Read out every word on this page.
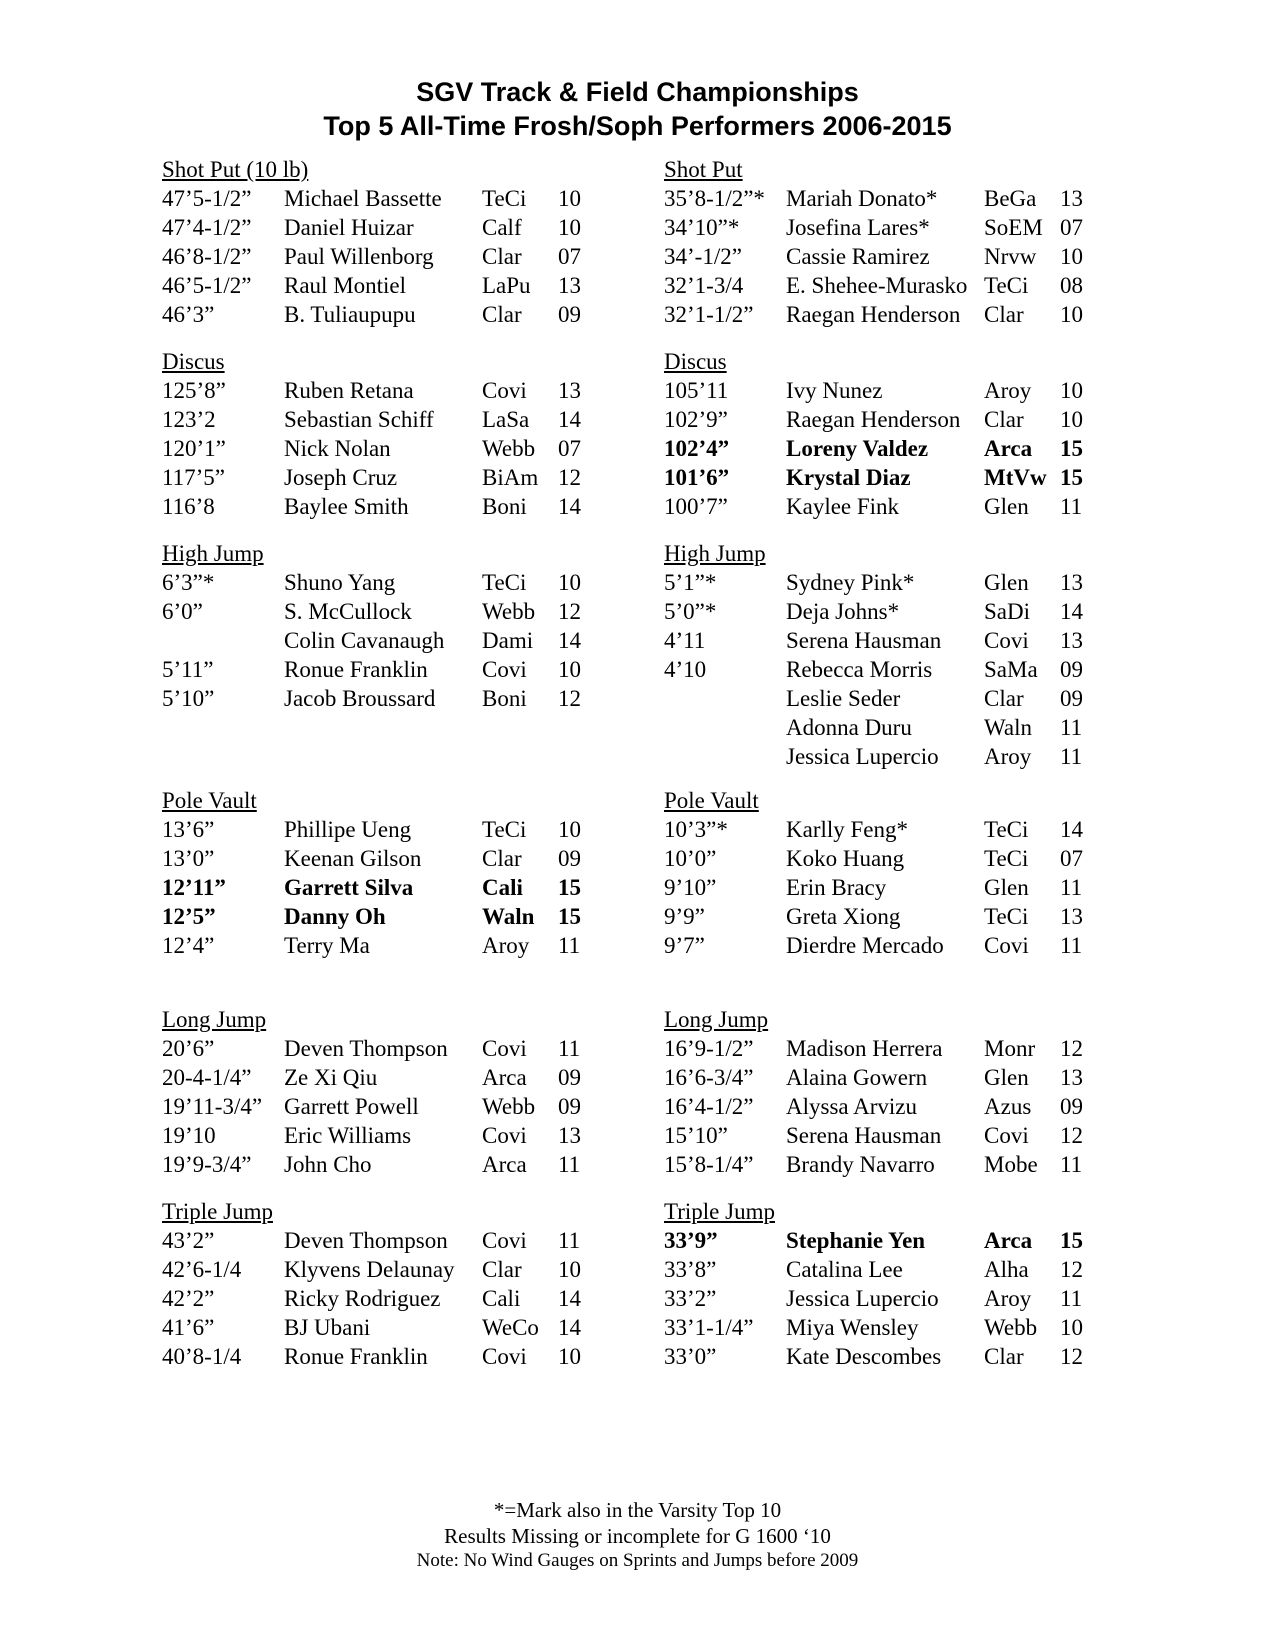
SGV Track & Field Championships
Top 5 All-Time Frosh/Soph Performers 2006-2015
Shot Put (10 lb)
47’5-1/2” Michael Bassette TeCi 10
47’4-1/2” Daniel Huizar	Calf 10
46’8-1/2” Paul Willenborg Clar 07
46’5-1/2” Raul Montiel	LaPu 13
46’3”	B. Tuliaupupu	Clar 09
Discus
125’8”	Ruben Retana	Covi 13
123’2	Sebastian Schiff LaSa 14
120’1”	Nick Nolan	Webb 07
117’5”	Joseph Cruz	BiAm 12
116’8	Baylee Smith	Boni 14
High Jump
6’3”*	Shuno Yang	TeCi 10
6’0”	S. McCullock	Webb 12
Colin Cavanaugh Dami 14
5’11”	Ronue Franklin Covi 10
5’10”	Jacob Broussard Boni 12
Pole Vault
13’6”	Phillipe Ueng	TeCi 10
13’0”	Keenan Gilson	Clar 09
12’11”	Garrett Silva	Cali 15
12’5”	Danny Oh	Waln 15
12’4”	Terry Ma	Aroy 11
Long Jump
20’6”	Deven Thompson Covi 11
20-4-1/4” Ze Xi Qiu	Arca 09
19’11-3/4” Garrett Powell	Webb 09
19’10	Eric Williams	Covi 13
19’9-3/4” John Cho	Arca 11
Triple Jump
43’2”	Deven Thompson Covi 11
42’6-1/4 Klyvens Delaunay Clar 10
42’2”	Ricky Rodriguez Cali 14
41’6”	BJ Ubani	WeCo 14
40’8-1/4 Ronue Franklin Covi 10
Shot Put
35’8-1/2”* Mariah Donato* BeGa 13
34’10”* Josefina Lares* SoEM 07
34’-1/2” Cassie Ramirez Nrvw 10
32’1-3/4 E. Shehee-Murasko TeCi 08
32’1-1/2” Raegan Henderson Clar 10
Discus
105’11	Ivy Nunez	Aroy 10
102’9”	Raegan Henderson Clar 10
102’4” Loreny Valdez Arca 15
101’6” Krystal Diaz	MtVw 15
100’7”	Kaylee Fink	Glen 11
High Jump
5’1”*	Sydney Pink*	Glen 13
5’0”*	Deja Johns*	SaDi 14
4’11	Serena Hausman Covi 13
4’10	Rebecca Morris SaMa 09
Leslie Seder	Clar 09
Adonna Duru	Waln 11
Jessica Lupercio Aroy 11
Pole Vault
10’3”*	Karlly Feng*	TeCi 14
10’0”	Koko Huang	TeCi 07
9’10”	Erin Bracy	Glen 11
9’9”	Greta Xiong	TeCi 13
9’7”	Dierdre Mercado Covi 11
Long Jump
16’9-1/2” Madison Herrera Monr 12
16’6-3/4” Alaina Gowern Glen 13
16’4-1/2” Alyssa Arvizu	Azus 09
15’10”	Serena Hausman Covi 12
15’8-1/4” Brandy Navarro Mobe 11
Triple Jump
33’9”	Stephanie Yen	Arca 15
33’8”	Catalina Lee	Alha 12
33’2”	Jessica Lupercio Aroy 11
33’1-1/4” Miya Wensley	Webb 10
33’0”	Kate Descombes Clar 12
*=Mark also in the Varsity Top 10
Results Missing or incomplete for G 1600 ‘10
Note: No Wind Gauges on Sprints and Jumps before 2009
